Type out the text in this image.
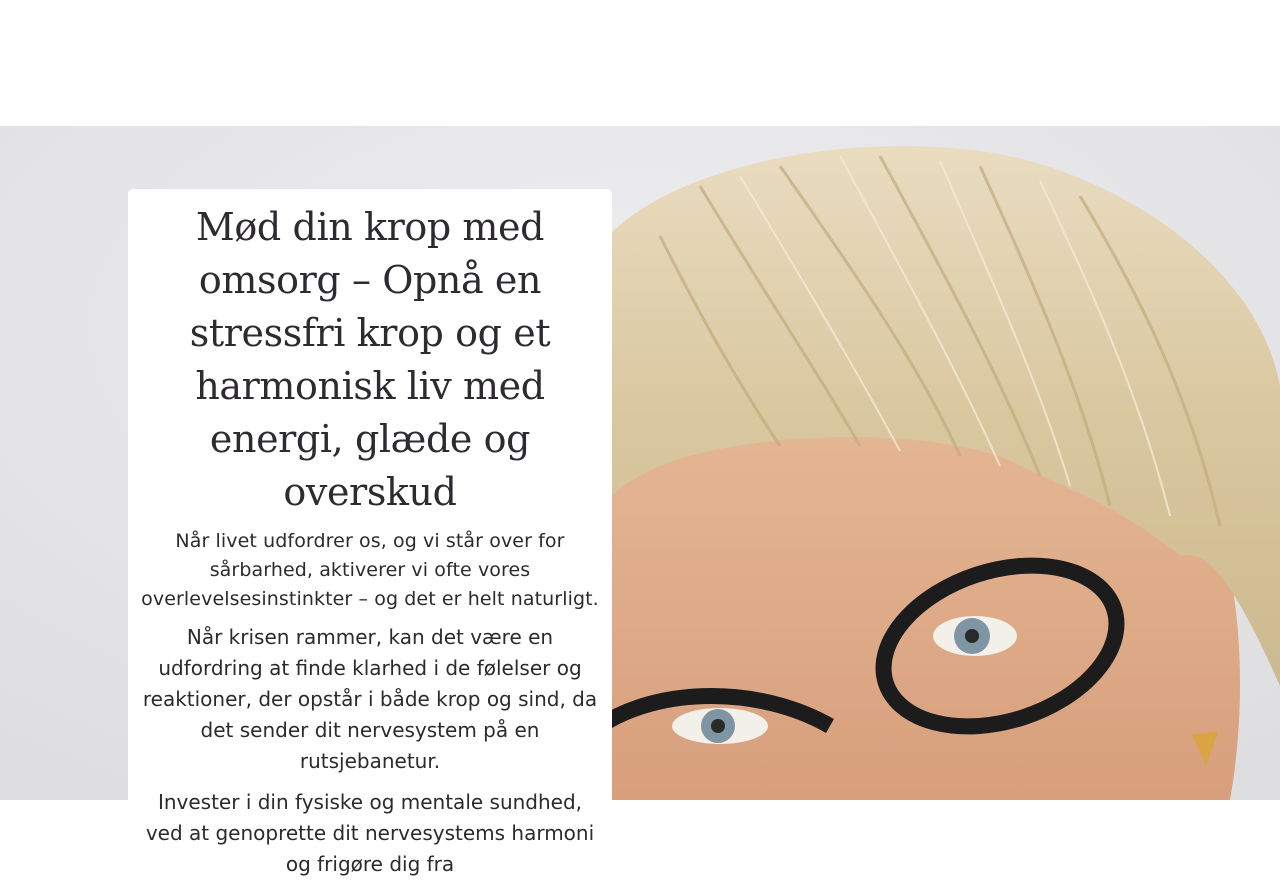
Mød din krop med omsorg – Opnå en stressfri krop og et harmonisk liv med energi, glæde og overskud

Når livet udfordrer os, og vi står over for sårbarhed, aktiverer vi ofte vores overlevelsesinstinkter – og det er helt naturligt.

Når krisen rammer, kan det være en udfordring at finde klarhed i de følelser og reaktioner, der opstår i både krop og sind, da det sender dit nervesystem på en rutsjebanetur.

Invester i din fysiske og mentale sundhed, ved at genoprette dit nervesystems harmoni og frigøre dig fra
